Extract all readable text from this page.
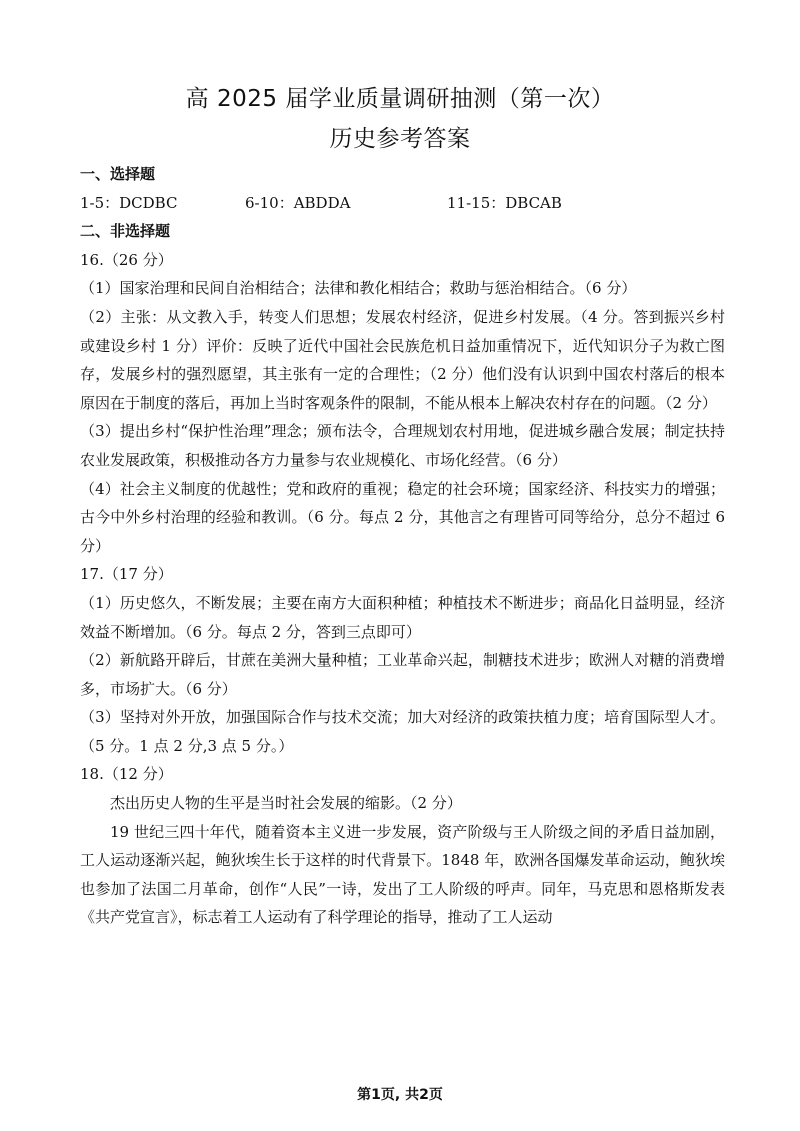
高 2025 届学业质量调研抽测（第一次）
历史参考答案
一、选择题
1-5：DCDBC	6-10：ABDDA	11-15：DBCAB
二、非选择题

16.（26 分）

（1）国家治理和民间自治相结合；法律和教化相结合；救助与惩治相结合。（6 分）

（2）主张：从文教入手，转变人们思想；发展农村经济，促进乡村发展。（4 分。答到振兴乡村或建设乡村 1 分）评价：反映了近代中国社会民族危机日益加重情况下，近代知识分子为救亡图存，发展乡村的强烈愿望，其主张有一定的合理性；（2 分）他们没有认识到中国农村落后的根本原因在于制度的落后，再加上当时客观条件的限制，不能从根本上解决农村存在的问题。（2 分）

（3）提出乡村“保护性治理”理念；颁布法令，合理规划农村用地，促进城乡融合发展；制定扶持农业发展政策，积极推动各方力量参与农业规模化、市场化经营。（6 分）

（4）社会主义制度的优越性；党和政府的重视；稳定的社会环境；国家经济、科技实力的增强；古今中外乡村治理的经验和教训。（6 分。每点 2 分，其他言之有理皆可同等给分，总分不超过 6 分）

17.（17 分）

（1）历史悠久，不断发展；主要在南方大面积种植；种植技术不断进步；商品化日益明显，经济效益不断增加。（6 分。每点 2 分，答到三点即可）

（2）新航路开辟后，甘蔗在美洲大量种植；工业革命兴起，制糖技术进步；欧洲人对糖的消费增多，市场扩大。（6 分）

（3）坚持对外开放，加强国际合作与技术交流；加大对经济的政策扶植力度；培育国际型人才。（5 分。1 点 2 分,3 点 5 分。）

18.（12 分）

杰出历史人物的生平是当时社会发展的缩影。（2 分）

19 世纪三四十年代，随着资本主义进一步发展，资产阶级与王人阶级之间的矛盾日益加剧，工人运动逐渐兴起，鲍狄埃生长于这样的时代背景下。1848 年，欧洲各国爆发革命运动，鲍狄埃也参加了法国二月革命，创作“人民”一诗，发出了工人阶级的呼声。同年，马克思和恩格斯发表《共产党宣言》，标志着工人运动有了科学理论的指导，推动了工人运动

第1页, 共2页
